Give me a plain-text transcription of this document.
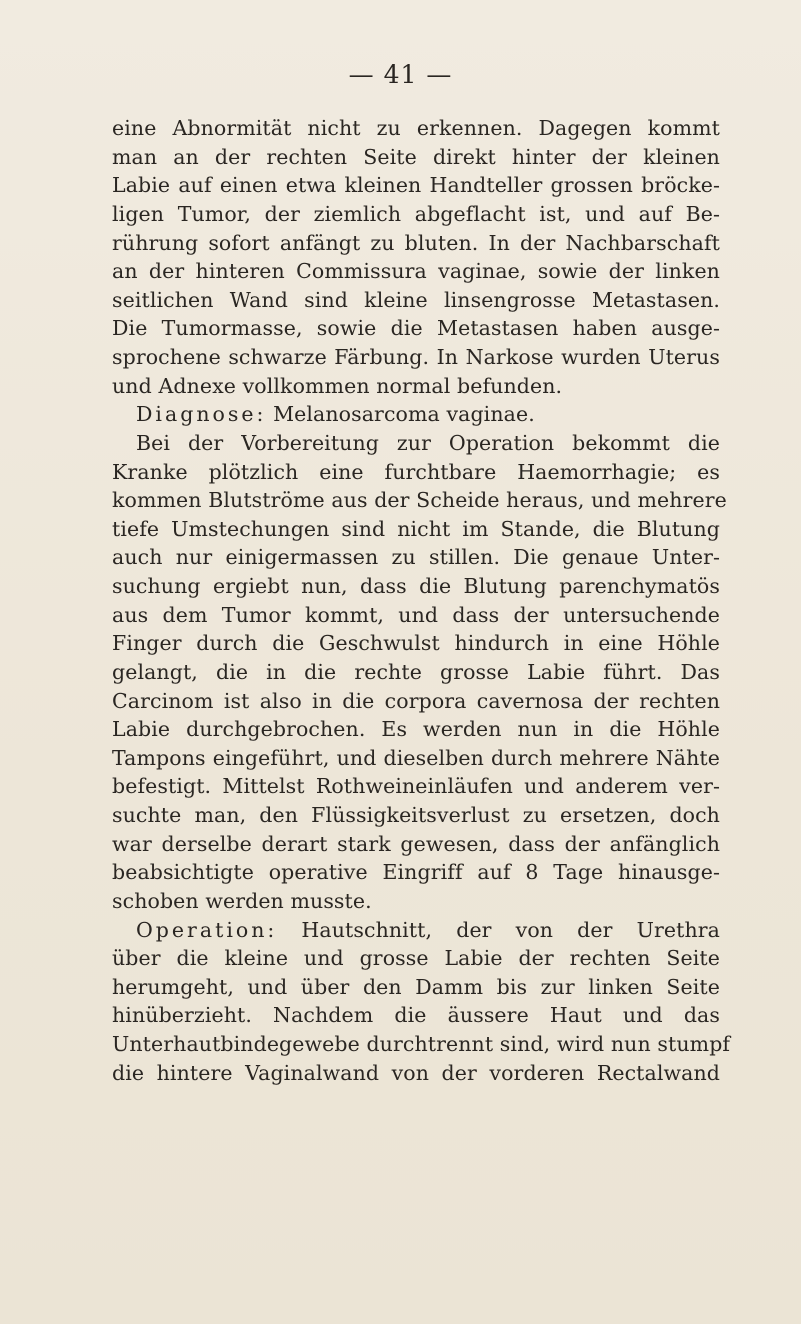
— 41 —
eine Abnormität nicht zu erkennen. Dagegen kommt
man an der rechten Seite direkt hinter der kleinen
Labie auf einen etwa kleinen Handteller grossen bröcke-
ligen Tumor, der ziemlich abgeflacht ist, und auf Be-
rührung sofort anfängt zu bluten. In der Nachbarschaft
an der hinteren Commissura vaginae, sowie der linken
seitlichen Wand sind kleine linsengrosse Metastasen.
Die Tumormasse, sowie die Metastasen haben ausge-
sprochene schwarze Färbung. In Narkose wurden Uterus
und Adnexe vollkommen normal befunden.
Diagnose: Melanosarcoma vaginae.
Bei der Vorbereitung zur Operation bekommt die
Kranke plötzlich eine furchtbare Haemorrhagie; es
kommen Blutströme aus der Scheide heraus, und mehrere
tiefe Umstechungen sind nicht im Stande, die Blutung
auch nur einigermassen zu stillen. Die genaue Unter-
suchung ergiebt nun, dass die Blutung parenchymatös
aus dem Tumor kommt, und dass der untersuchende
Finger durch die Geschwulst hindurch in eine Höhle
gelangt, die in die rechte grosse Labie führt. Das
Carcinom ist also in die corpora cavernosa der rechten
Labie durchgebrochen. Es werden nun in die Höhle
Tampons eingeführt, und dieselben durch mehrere Nähte
befestigt. Mittelst Rothweineinläufen und anderem ver-
suchte man, den Flüssigkeitsverlust zu ersetzen, doch
war derselbe derart stark gewesen, dass der anfänglich
beabsichtigte operative Eingriff auf 8 Tage hinausge-
schoben werden musste.
Operation: Hautschnitt, der von der Urethra
über die kleine und grosse Labie der rechten Seite
herumgeht, und über den Damm bis zur linken Seite
hinüberzieht. Nachdem die äussere Haut und das
Unterhautbindegewebe durchtrennt sind, wird nun stumpf
die hintere Vaginalwand von der vorderen Rectalwand
